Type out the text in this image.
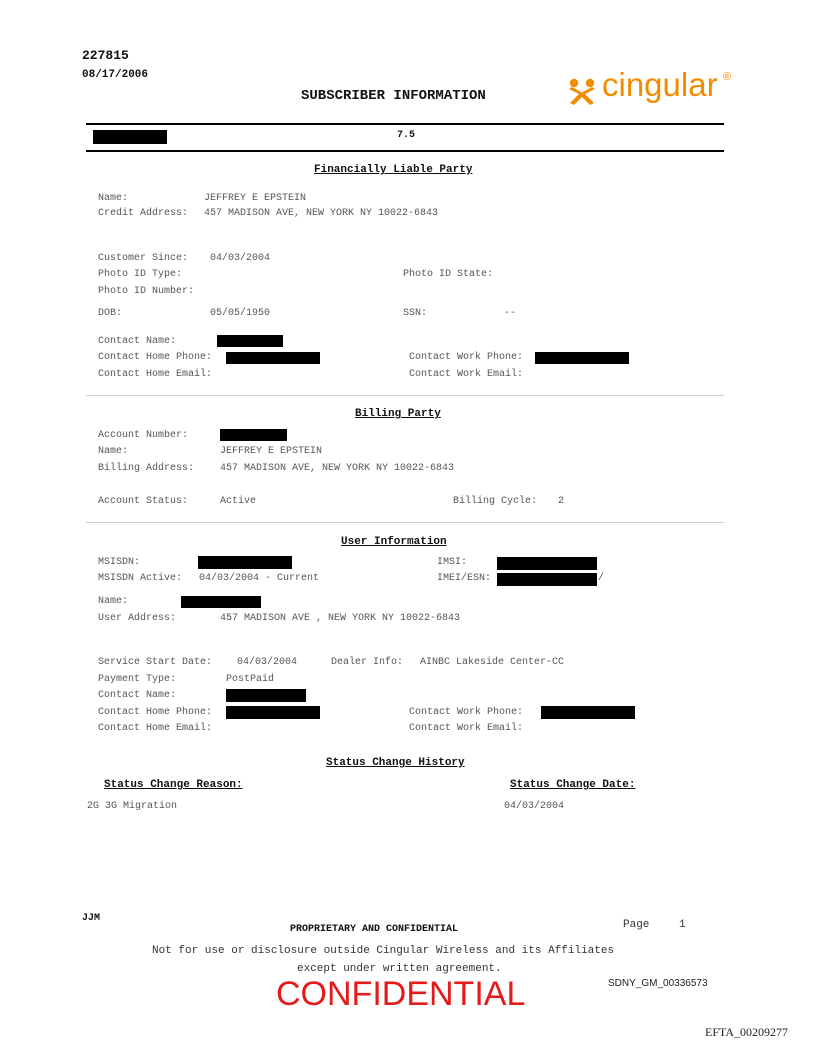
227815
08/17/2006
SUBSCRIBER INFORMATION	cingular ®
7.5
Financially Liable Party
Name:	JEFFREY E EPSTEIN
Credit Address: 457 MADISON AVE, NEW YORK NY 10022-6843
Customer Since: 04/03/2004
Photo ID Type:	Photo ID State:
Photo ID Number:
DOB:	05/05/1950	SSN:	--
Contact Name:
Contact Home Phone:	Contact Work Phone:
Contact Home Email:	Contact Work Email:
Billing Party
Account Number:
Name:	JEFFREY E EPSTEIN
Billing Address:	457 MADISON AVE, NEW YORK NY 10022-6843
Account Status:	Active	Billing Cycle: 2
User Information
MSISDN:	IMSI:
MSISDN Active: 04/03/2004 - Current	IMEI/ESN:	/
Name:
User Address:	457 MADISON AVE , NEW YORK NY 10022-6843
Service Start Date: 04/03/2004	Dealer Info: AINBC Lakeside Center-CC
Payment Type:	PostPaid
Contact Name:
Contact Home Phone:	Contact Work Phone:
Contact Home Email:	Contact Work Email:
Status Change History
Status Change Reason:	Status Change Date:
2G 3G Migration	04/03/2004
JJM
PROPRIETARY AND CONFIDENTIAL	Page	1
Not for use or disclosure outside Cingular Wireless and its Affiliates
except under written agreement.
CONFIDENTIAL	SDNY_GM_00336573
EFTA_00209277
